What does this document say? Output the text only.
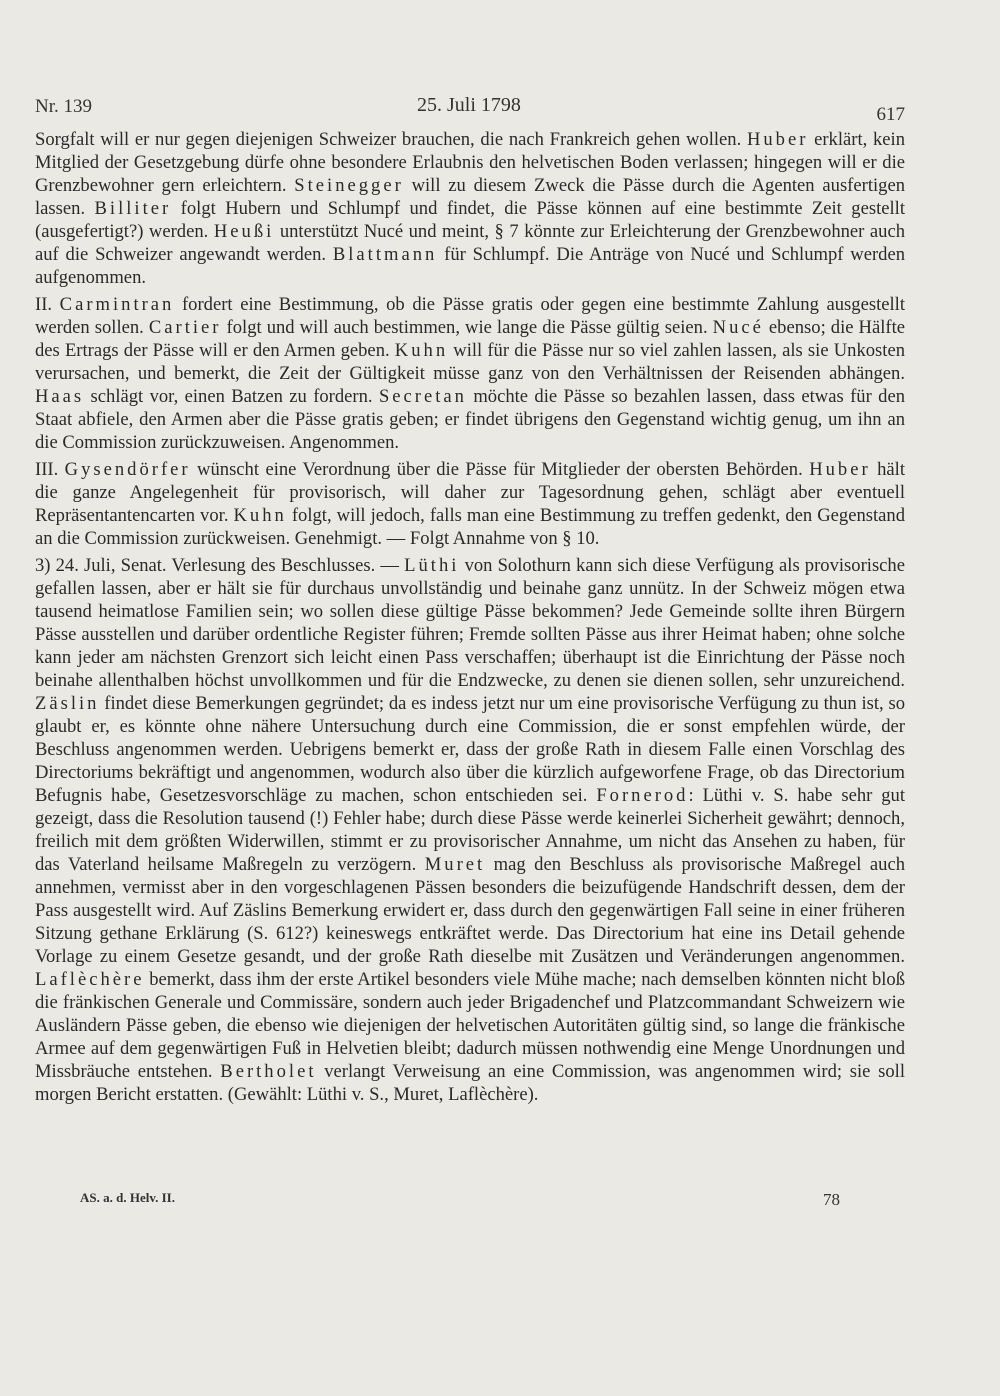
Nr. 139	25. Juli 1798	617

Sorgfalt will er nur gegen diejenigen Schweizer brauchen, die nach Frankreich gehen wollen. Huber erklärt, kein Mitglied der Gesetzgebung dürfe ohne besondere Erlaubnis den helvetischen Boden verlassen; hingegen will er die Grenzbewohner gern erleichtern. Steinegger will zu diesem Zweck die Pässe durch die Agenten ausfertigen lassen. Billiter folgt Hubern und Schlumpf und findet, die Pässe können auf eine bestimmte Zeit gestellt (ausgefertigt?) werden. Heußi unterstützt Nucé und meint, § 7 könnte zur Erleichterung der Grenzbewohner auch auf die Schweizer angewandt werden. Blattmann für Schlumpf. Die Anträge von Nucé und Schlumpf werden aufgenommen.

II. Carmintran fordert eine Bestimmung, ob die Pässe gratis oder gegen eine bestimmte Zahlung ausgestellt werden sollen. Cartier folgt und will auch bestimmen, wie lange die Pässe gültig seien. Nucé ebenso; die Hälfte des Ertrags der Pässe will er den Armen geben. Kuhn will für die Pässe nur so viel zahlen lassen, als sie Unkosten verursachen, und bemerkt, die Zeit der Gültigkeit müsse ganz von den Verhältnissen der Reisenden abhängen. Haas schlägt vor, einen Batzen zu fordern. Secretan möchte die Pässe so bezahlen lassen, dass etwas für den Staat abfiele, den Armen aber die Pässe gratis geben; er findet übrigens den Gegenstand wichtig genug, um ihn an die Commission zurückzuweisen. Angenommen.

III. Gysendörfer wünscht eine Verordnung über die Pässe für Mitglieder der obersten Behörden. Huber hält die ganze Angelegenheit für provisorisch, will daher zur Tagesordnung gehen, schlägt aber eventuell Repräsentantencarten vor. Kuhn folgt, will jedoch, falls man eine Bestimmung zu treffen gedenkt, den Gegenstand an die Commission zurückweisen. Genehmigt. — Folgt Annahme von § 10.

3) 24. Juli, Senat. Verlesung des Beschlusses. — Lüthi von Solothurn kann sich diese Verfügung als provisorische gefallen lassen, aber er hält sie für durchaus unvollständig und beinahe ganz unnütz. In der Schweiz mögen etwa tausend heimatlose Familien sein; wo sollen diese gültige Pässe bekommen? Jede Gemeinde sollte ihren Bürgern Pässe ausstellen und darüber ordentliche Register führen; Fremde sollten Pässe aus ihrer Heimat haben; ohne solche kann jeder am nächsten Grenzort sich leicht einen Pass verschaffen; überhaupt ist die Einrichtung der Pässe noch beinahe allenthalben höchst unvollkommen und für die Endzwecke, zu denen sie dienen sollen, sehr unzureichend. Zäslin findet diese Bemerkungen gegründet; da es indess jetzt nur um eine provisorische Verfügung zu thun ist, so glaubt er, es könnte ohne nähere Untersuchung durch eine Commission, die er sonst empfehlen würde, der Beschluss angenommen werden. Uebrigens bemerkt er, dass der große Rath in diesem Falle einen Vorschlag des Directoriums bekräftigt und angenommen, wodurch also über die kürzlich aufgeworfene Frage, ob das Directorium Befugnis habe, Gesetzesvorschläge zu machen, schon entschieden sei. Fornerod: Lüthi v. S. habe sehr gut gezeigt, dass die Resolution tausend (!) Fehler habe; durch diese Pässe werde keinerlei Sicherheit gewährt; dennoch, freilich mit dem größten Widerwillen, stimmt er zu provisorischer Annahme, um nicht das Ansehen zu haben, für das Vaterland heilsame Maßregeln zu verzögern. Muret mag den Beschluss als provisorische Maßregel auch annehmen, vermisst aber in den vorgeschlagenen Pässen besonders die beizufügende Handschrift dessen, dem der Pass ausgestellt wird. Auf Zäslins Bemerkung erwidert er, dass durch den gegenwärtigen Fall seine in einer früheren Sitzung gethane Erklärung (S. 612?) keineswegs entkräftet werde. Das Directorium hat eine ins Detail gehende Vorlage zu einem Gesetze gesandt, und der große Rath dieselbe mit Zusätzen und Veränderungen angenommen. Laflèchère bemerkt, dass ihm der erste Artikel besonders viele Mühe mache; nach demselben könnten nicht bloß die fränkischen Generale und Commissäre, sondern auch jeder Brigadenchef und Platzcommandant Schweizern wie Ausländern Pässe geben, die ebenso wie diejenigen der helvetischen Autoritäten gültig sind, so lange die fränkische Armee auf dem gegenwärtigen Fuß in Helvetien bleibt; dadurch müssen nothwendig eine Menge Unordnungen und Missbräuche entstehen. Bertholet verlangt Verweisung an eine Commission, was angenommen wird; sie soll morgen Bericht erstatten. (Gewählt: Lüthi v. S., Muret, Laflèchère).

AS. a. d. Helv. II.	78
